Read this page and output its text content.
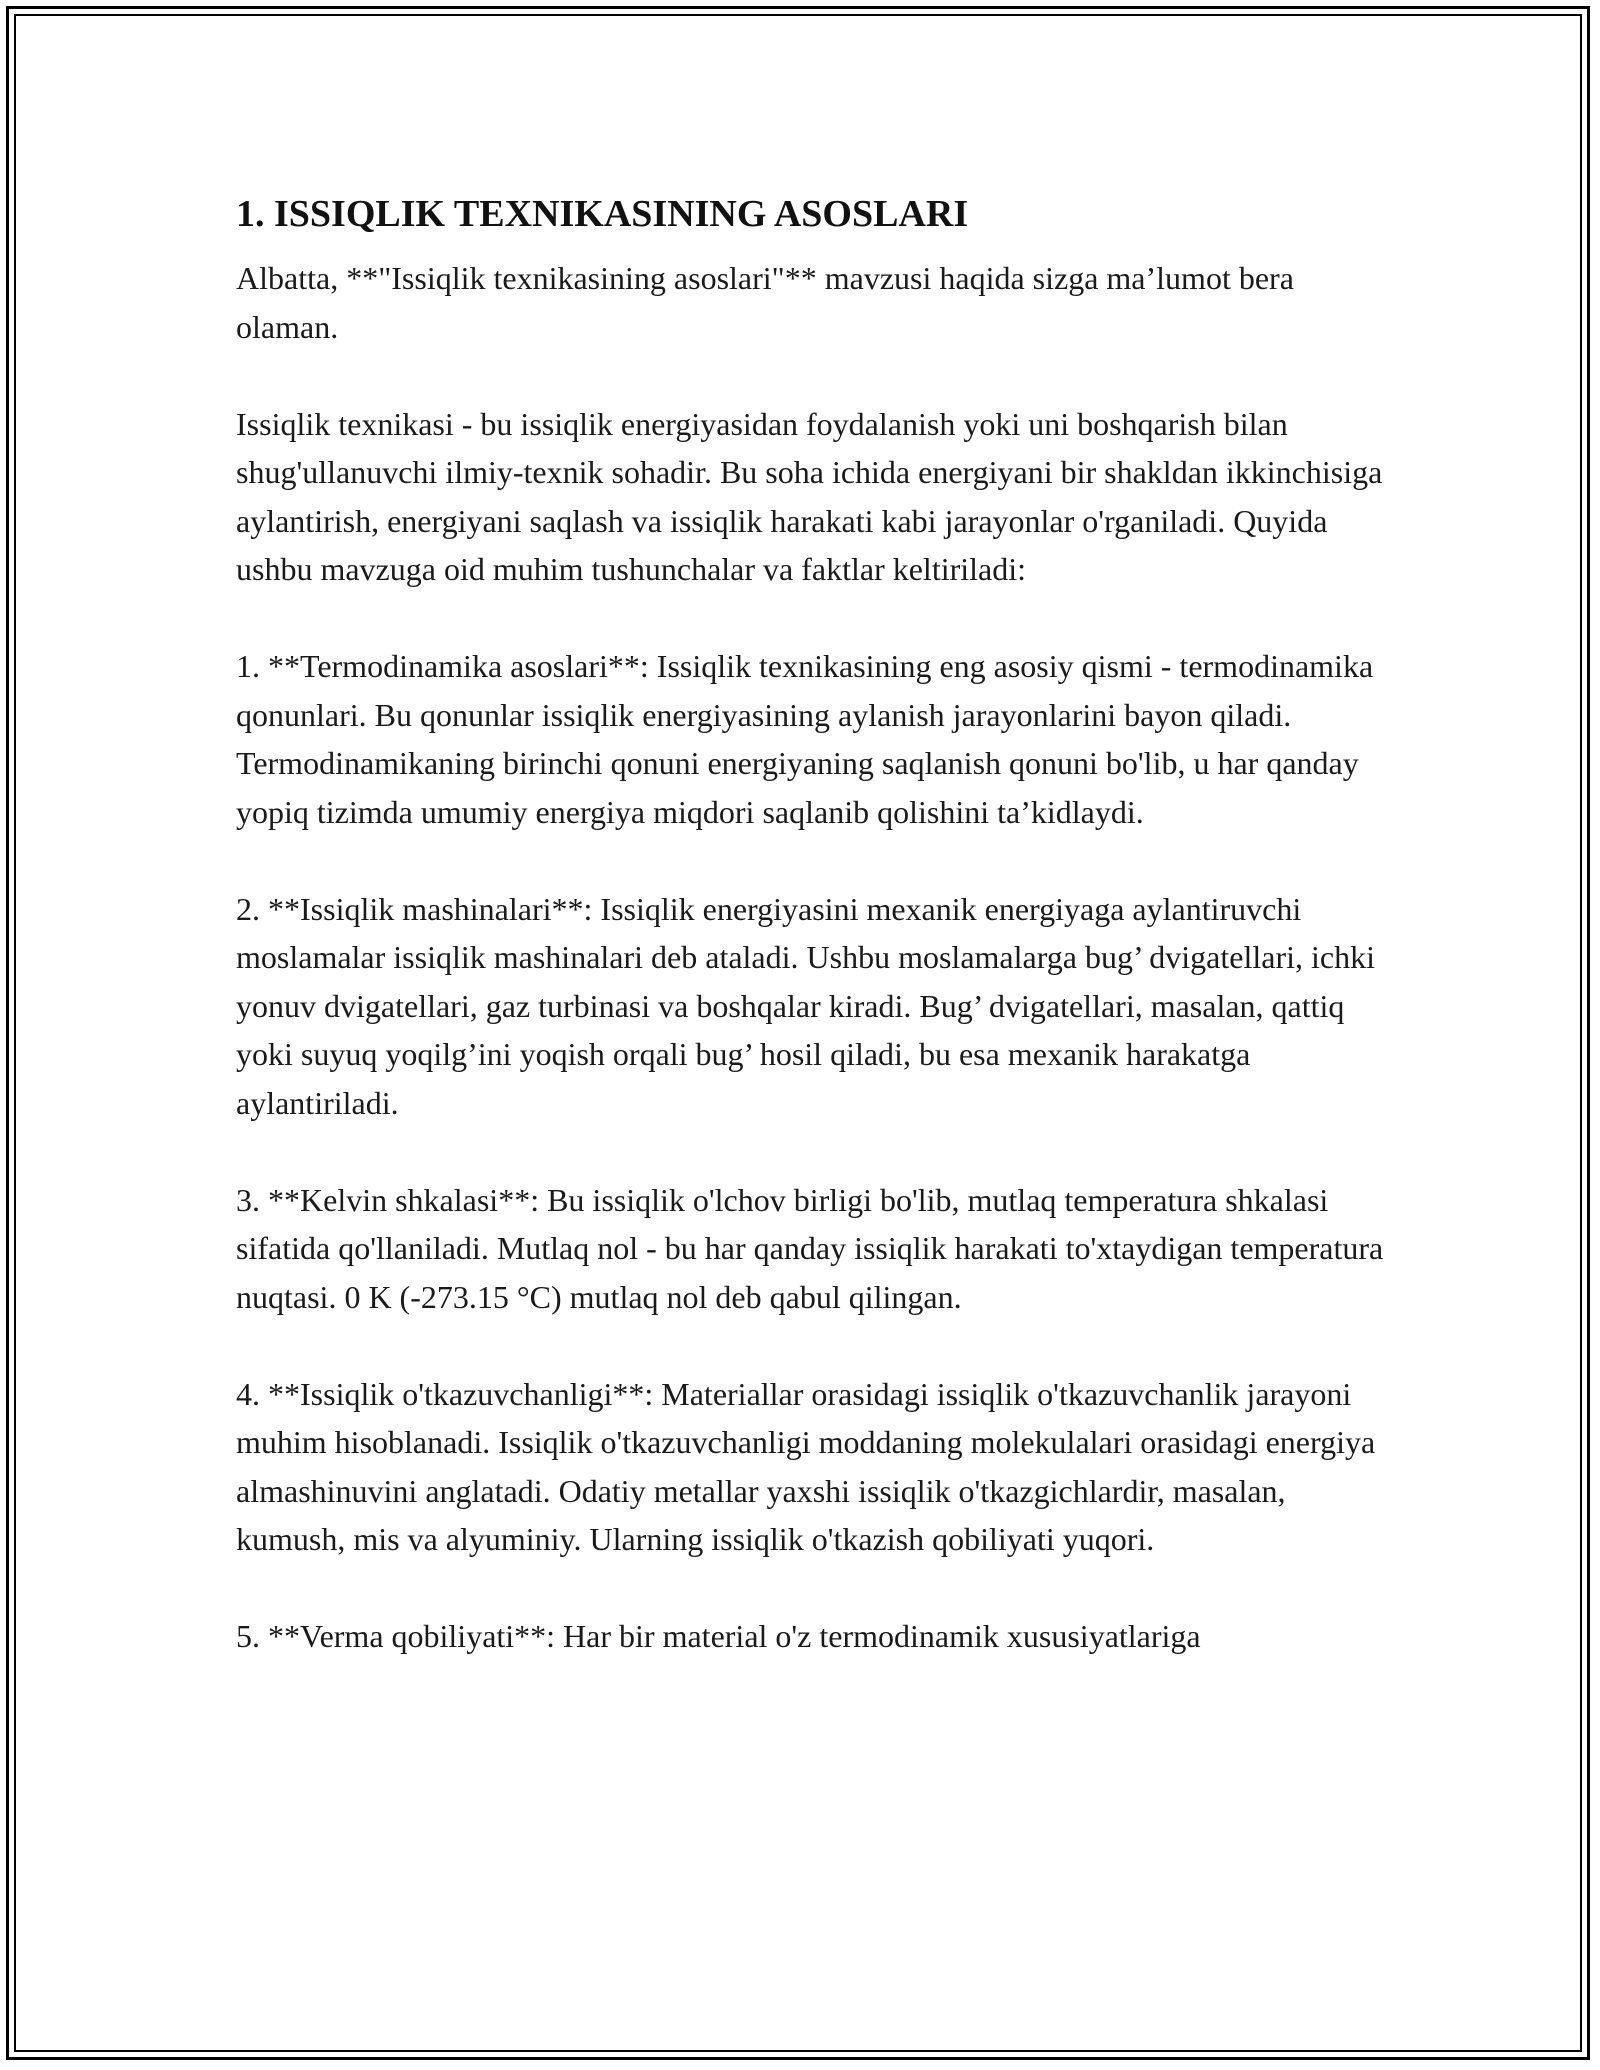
1. ISSIQLIK TEXNIKASINING ASOSLARI

Albatta, **"Issiqlik texnikasining asoslari"** mavzusi haqida sizga ma’lumot bera olaman.

Issiqlik texnikasi - bu issiqlik energiyasidan foydalanish yoki uni boshqarish bilan shug'ullanuvchi ilmiy-texnik sohadir. Bu soha ichida energiyani bir shakldan ikkinchisiga aylantirish, energiyani saqlash va issiqlik harakati kabi jarayonlar o'rganiladi. Quyida ushbu mavzuga oid muhim tushunchalar va faktlar keltiriladi:

1. **Termodinamika asoslari**: Issiqlik texnikasining eng asosiy qismi - termodinamika qonunlari. Bu qonunlar issiqlik energiyasining aylanish jarayonlarini bayon qiladi. Termodinamikaning birinchi qonuni energiyaning saqlanish qonuni bo'lib, u har qanday yopiq tizimda umumiy energiya miqdori saqlanib qolishini ta’kidlaydi.

2. **Issiqlik mashinalari**: Issiqlik energiyasini mexanik energiyaga aylantiruvchi moslamalar issiqlik mashinalari deb ataladi. Ushbu moslamalarga bug’ dvigatellari, ichki yonuv dvigatellari, gaz turbinasi va boshqalar kiradi. Bug’ dvigatellari, masalan, qattiq yoki suyuq yoqilg’ini yoqish orqali bug’ hosil qiladi, bu esa mexanik harakatga aylantiriladi.

3. **Kelvin shkalasi**: Bu issiqlik o'lchov birligi bo'lib, mutlaq temperatura shkalasi sifatida qo'llaniladi. Mutlaq nol - bu har qanday issiqlik harakati to'xtaydigan temperatura nuqtasi. 0 K (-273.15 °C) mutlaq nol deb qabul qilingan.

4. **Issiqlik o'tkazuvchanligi**: Materiallar orasidagi issiqlik o'tkazuvchanlik jarayoni muhim hisoblanadi. Issiqlik o'tkazuvchanligi moddaning molekulalari orasidagi energiya almashinuvini anglatadi. Odatiy metallar yaxshi issiqlik o'tkazgichlardir, masalan, kumush, mis va alyuminiy. Ularning issiqlik o'tkazish qobiliyati yuqori.

5. **Verma qobiliyati**: Har bir material o'z termodinamik xususiyatlariga
